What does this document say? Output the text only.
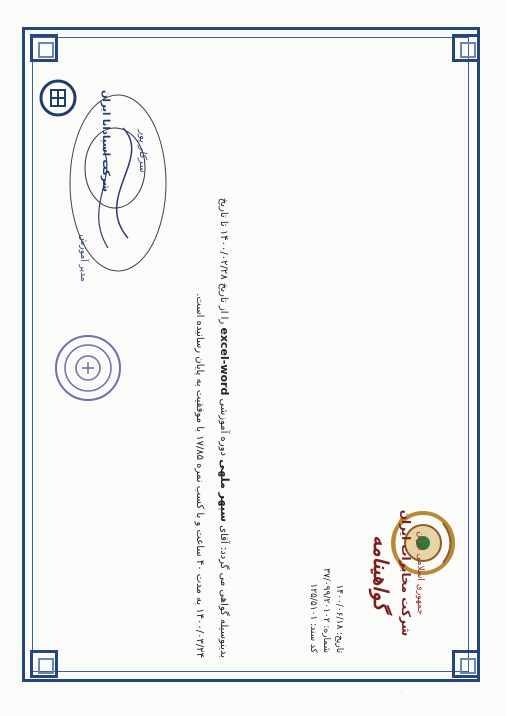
جمهوری اسلامی ایران
شرکت مخابرات ایران
گواهینامه
تاریخ: ۱۴۰۰/۰۶/۱۸
شماره: ۳۷/۰۹۹/۲۰۱۰۲
کد سند: ۱۲۵/۵۱۰۱
بدینوسیله گواهی می گردد: آقای سپهر ملهی دوره آموزشی excel-word را از تاریخ ۱۴۰۰/۰۲/۲۸ تا تاریخ
۱۴۰۰/۰۳/۲۴ به مدت ۴۰ ساعت و با کسب نمره ۱۷/۸۵ با موفقیت به پایان رسانیده است.
سرکار پور
مدیر آموزش
شرکت اسپادانا ایران
·
